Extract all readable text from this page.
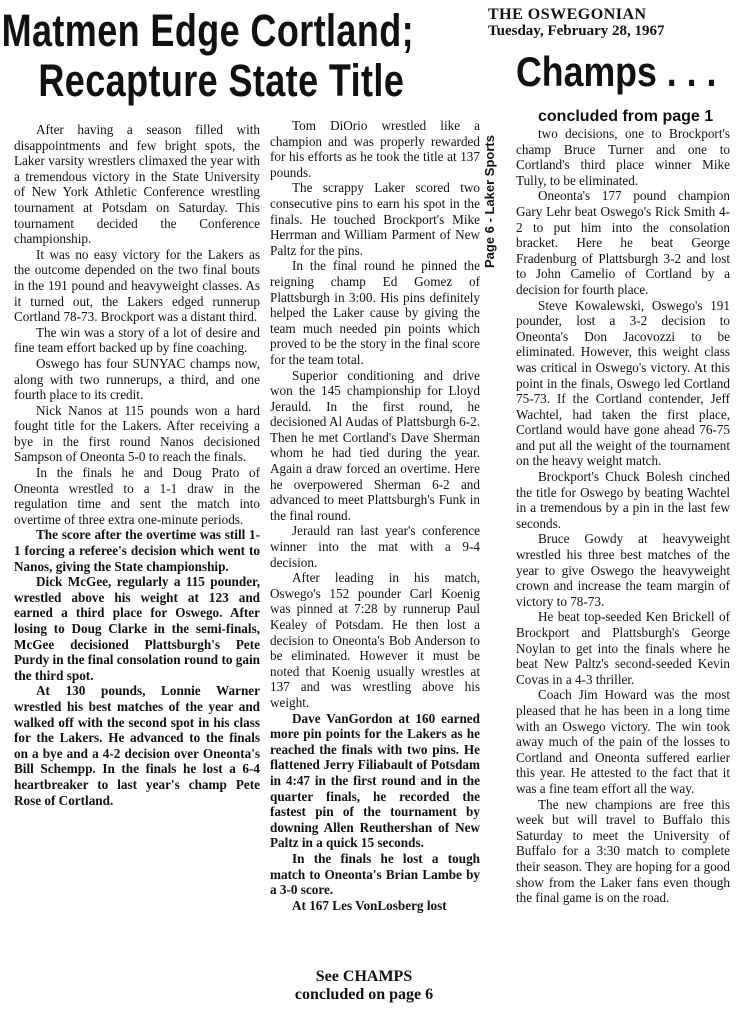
Matmen Edge Cortland;
Recapture State Title
THE OSWEGONIAN
Tuesday, February 28, 1967
Champs . . .
concluded from page 1
Page 6 - Laker Sports

After having a season filled with disappointments and few bright spots, the Laker varsity wrestlers climaxed the year with a tremendous victory in the State University of New York Athletic Conference wrestling tournament at Potsdam on Saturday. This tournament decided the Conference championship.

It was no easy victory for the Lakers as the outcome depended on the two final bouts in the 191 pound and heavyweight classes. As it turned out, the Lakers edged runnerup Cortland 78-73. Brockport was a distant third.

The win was a story of a lot of desire and fine team effort backed up by fine coaching.

Oswego has four SUNYAC champs now, along with two runnerups, a third, and one fourth place to its credit.

Nick Nanos at 115 pounds won a hard fought title for the Lakers. After receiving a bye in the first round Nanos decisioned Sampson of Oneonta 5-0 to reach the finals.

In the finals he and Doug Prato of Oneonta wrestled to a 1-1 draw in the regulation time and sent the match into overtime of three extra one-minute periods.

The score after the overtime was still 1-1 forcing a referee's decision which went to Nanos, giving the State championship.

Dick McGee, regularly a 115 pounder, wrestled above his weight at 123 and earned a third place for Oswego. After losing to Doug Clarke in the semi-finals, McGee decisioned Plattsburgh's Pete Purdy in the final consolation round to gain the third spot.

At 130 pounds, Lonnie Warner wrestled his best matches of the year and walked off with the second spot in his class for the Lakers. He advanced to the finals on a bye and a 4-2 decision over Oneonta's Bill Schempp. In the finals he lost a 6-4 heartbreaker to last year's champ Pete Rose of Cortland.

Tom DiOrio wrestled like a champion and was properly rewarded for his efforts as he took the title at 137 pounds.

The scrappy Laker scored two consecutive pins to earn his spot in the finals. He touched Brockport's Mike Herrman and William Parment of New Paltz for the pins.

In the final round he pinned the reigning champ Ed Gomez of Plattsburgh in 3:00. His pins definitely helped the Laker cause by giving the team much needed pin points which proved to be the story in the final score for the team total.

Superior conditioning and drive won the 145 championship for Lloyd Jerauld. In the first round, he decisioned Al Audas of Plattsburgh 6-2. Then he met Cortland's Dave Sherman whom he had tied during the year. Again a draw forced an overtime. Here he overpowered Sherman 6-2 and advanced to meet Plattsburgh's Funk in the final round.

Jerauld ran last year's conference winner into the mat with a 9-4 decision.

After leading in his match, Oswego's 152 pounder Carl Koenig was pinned at 7:28 by runnerup Paul Kealey of Potsdam. He then lost a decision to Oneonta's Bob Anderson to be eliminated. However it must be noted that Koenig usually wrestles at 137 and was wrestling above his weight.

Dave VanGordon at 160 earned more pin points for the Lakers as he reached the finals with two pins. He flattened Jerry Filiabault of Potsdam in 4:47 in the first round and in the quarter finals, he recorded the fastest pin of the tournament by downing Allen Reuthershan of New Paltz in a quick 15 seconds.

In the finals he lost a tough match to Oneonta's Brian Lambe by a 3-0 score.

At 167 Les VonLosberg lost

See CHAMPS
concluded on page 6

two decisions, one to Brockport's champ Bruce Turner and one to Cortland's third place winner Mike Tully, to be eliminated.

Oneonta's 177 pound champion Gary Lehr beat Oswego's Rick Smith 4-2 to put him into the consolation bracket. Here he beat George Fradenburg of Plattsburgh 3-2 and lost to John Camelio of Cortland by a decision for fourth place.

Steve Kowalewski, Oswego's 191 pounder, lost a 3-2 decision to Oneonta's Don Jacovozzi to be eliminated. However, this weight class was critical in Oswego's victory. At this point in the finals, Oswego led Cortland 75-73. If the Cortland contender, Jeff Wachtel, had taken the first place, Cortland would have gone ahead 76-75 and put all the weight of the tournament on the heavy weight match.

Brockport's Chuck Bolesh cinched the title for Oswego by beating Wachtel in a tremendous by a pin in the last few seconds.

Bruce Gowdy at heavyweight wrestled his three best matches of the year to give Oswego the heavyweight crown and increase the team margin of victory to 78-73.

He beat top-seeded Ken Brickell of Brockport and Plattsburgh's George Noylan to get into the finals where he beat New Paltz's second-seeded Kevin Covas in a 4-3 thriller.

Coach Jim Howard was the most pleased that he has been in a long time with an Oswego victory. The win took away much of the pain of the losses to Cortland and Oneonta suffered earlier this year. He attested to the fact that it was a fine team effort all the way.

The new champions are free this week but will travel to Buffalo this Saturday to meet the University of Buffalo for a 3:30 match to complete their season. They are hoping for a good show from the Laker fans even though the final game is on the road.
